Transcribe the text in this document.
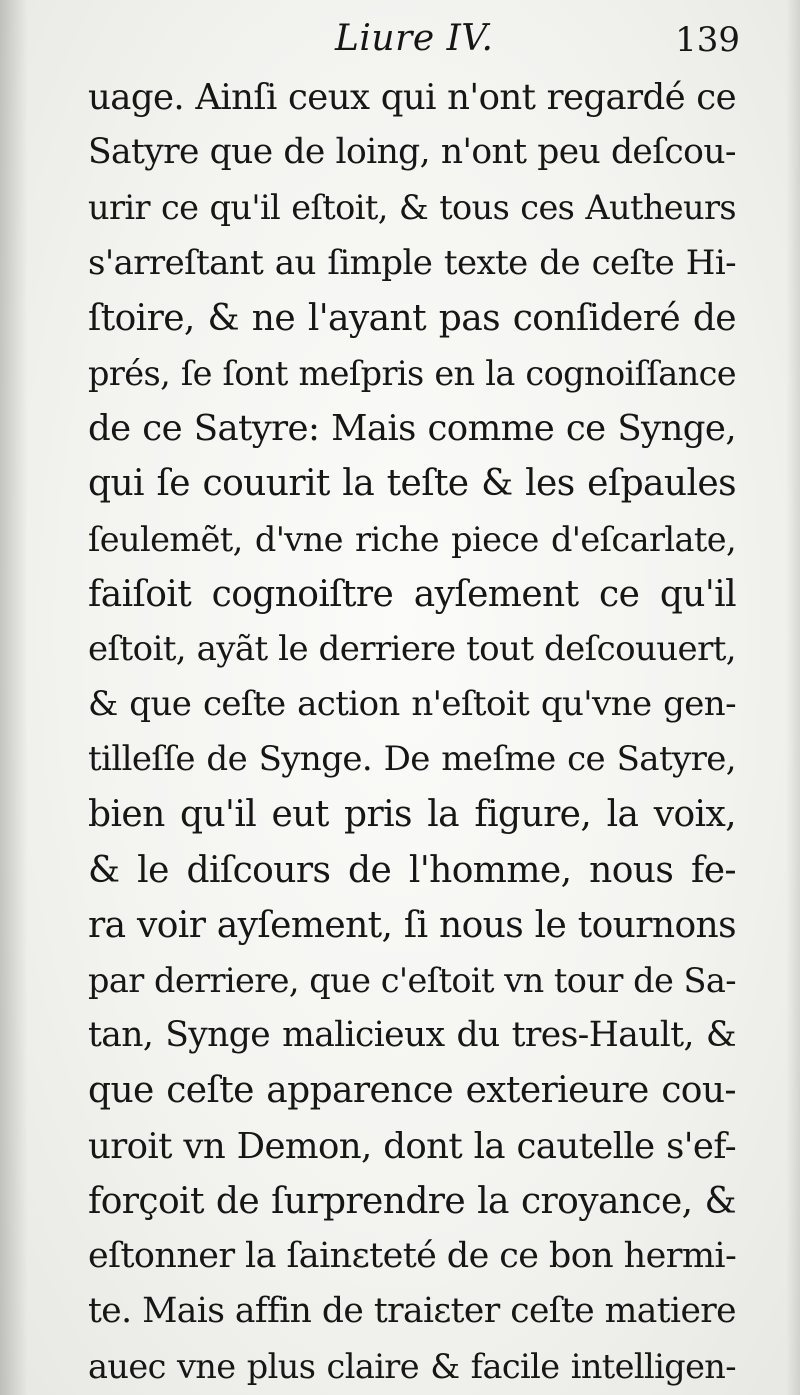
Liure IV.	139
uage. Ainſi ceux qui n'ont regardé ce
Satyre que de loing, n'ont peu deſcou-
urir ce qu'il eſtoit, & tous ces Autheurs
s'arreſtant au ſimple texte de ceſte Hi-
ſtoire, & ne l'ayant pas conſideré de
prés, ſe ſont meſpris en la cognoiſſance
de ce Satyre: Mais comme ce Synge,
qui ſe couurit la teſte & les eſpaules
ſeulemẽt, d'vne riche piece d'eſcarlate,
faiſoit cognoiſtre ayſement ce qu'il
eſtoit, ayãt le derriere tout deſcouuert,
& que ceſte action n'eſtoit qu'vne gen-
tilleſſe de Synge. De meſme ce Satyre,
bien qu'il eut pris la figure, la voix,
& le diſcours de l'homme, nous fe-
ra voir ayſement, ſi nous le tournons
par derriere, que c'eſtoit vn tour de Sa-
tan, Synge malicieux du tres-Hault, &
que ceſte apparence exterieure cou-
uroit vn Demon, dont la cautelle s'ef-
forçoit de ſurprendre la croyance, &
eſtonner la ſainɛteté de ce bon hermi-
te. Mais affin de traiɛter ceſte matiere
auec vne plus claire & facile intelligen-
